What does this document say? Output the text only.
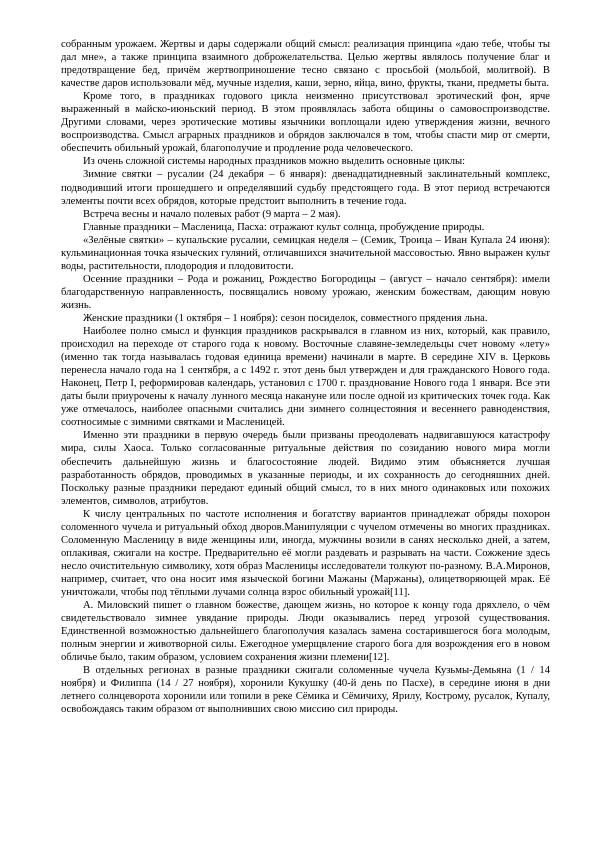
собранным урожаем. Жертвы и дары содержали общий смысл: реализация принципа «даю тебе, чтобы ты дал мне», а также принципа взаимного доброжелательства. Целью жертвы являлось получение благ и предотвращение бед, причём жертвоприношение тесно связано с просьбой (мольбой, молитвой). В качестве даров использовали мёд, мучные изделия, каши, зерно, яйца, вино, фрукты, ткани, предметы быта.

Кроме того, в праздниках годового цикла неизменно присутствовал эротический фон, ярче выраженный в майско-июньский период. В этом проявлялась забота общины о самовоспроизводстве. Другими словами, через эротические мотивы язычники воплощали идею утверждения жизни, вечного воспроизводства. Смысл аграрных праздников и обрядов заключался в том, чтобы спасти мир от смерти, обеспечить обильный урожай, благополучие и продление рода человеческого.

Из очень сложной системы народных праздников можно выделить основные циклы:

Зимние святки – русалии (24 декабря – 6 января): двенадцатидневный заклинательный комплекс, подводивший итоги прошедшего и определявший судьбу предстоящего года. В этот период встречаются элементы почти всех обрядов, которые предстоит выполнить в течение года.

Встреча весны и начало полевых работ (9 марта – 2 мая).

Главные праздники – Масленица, Пасха: отражают культ солнца, пробуждение природы.

«Зелёные святки» – купальские русалии, семицкая неделя – (Семик, Троица – Иван Купала 24 июня): кульминационная точка языческих гуляний, отличавшихся значительной массовостью. Явно выражен культ воды, растительности, плодородия и плодовитости.

Осенние праздники – Рода и рожаниц, Рождество Богородицы – (август – начало сентября): имели благодарственную направленность, посвящались новому урожаю, женским божествам, дающим новую жизнь.

Женские праздники (1 октября – 1 ноября): сезон посиделок, совместного прядения льна.

Наиболее полно смысл и функция праздников раскрывался в главном из них, который, как правило, происходил на переходе от старого года к новому. Восточные славяне-земледельцы счет новому «лету» (именно так тогда называлась годовая единица времени) начинали в марте. В середине XIV в. Церковь перенесла начало года на 1 сентября, а с 1492 г. этот день был утвержден и для гражданского Нового года. Наконец, Петр I, реформировав календарь, установил с 1700 г. празднование Нового года 1 января. Все эти даты были приурочены к началу лунного месяца накануне или после одной из критических точек года. Как уже отмечалось, наиболее опасными считались дни зимнего солнцестояния и весеннего равноденствия, соотносимые с зимними святками и Масленицей.

Именно эти праздники в первую очередь были призваны преодолевать надвигавшуюся катастрофу мира, силы Хаоса. Только согласованные ритуальные действия по созиданию нового мира могли обеспечить дальнейшую жизнь и благосостояние людей. Видимо этим объясняется лучшая разработанность обрядов, проводимых в указанные периоды, и их сохранность до сегодняшних дней. Поскольку разные праздники передают единый общий смысл, то в них много одинаковых или похожих элементов, символов, атрибутов.

К числу центральных по частоте исполнения и богатству вариантов принадлежат обряды похорон соломенного чучела и ритуальный обход дворов.Манипуляции с чучелом отмечены во многих праздниках. Соломенную Масленицу в виде женщины или, иногда, мужчины возили в санях несколько дней, а затем, оплакивая, сжигали на костре. Предварительно её могли раздевать и разрывать на части. Сожжение здесь несло очистительную символику, хотя образ Масленицы исследователи толкуют по-разному. В.А.Миронов, например, считает, что она носит имя языческой богини Мажаны (Маржаны), олицетворяющей мрак. Её уничтожали, чтобы под тёплыми лучами солнца взрос обильный урожай[11].

А. Миловский пишет о главном божестве, дающем жизнь, но которое к концу года дряхлело, о чём свидетельствовало зимнее увядание природы. Люди оказывались перед угрозой существования. Единственной возможностью дальнейшего благополучия казалась замена состарившегося бога молодым, полным энергии и животворной силы. Ежегодное умерщвление старого бога для возрождения его в новом обличье было, таким образом, условием сохранения жизни племени[12].

В отдельных регионах в разные праздники сжигали соломенные чучела Кузьмы-Демьяна (1 / 14 ноября) и Филиппа (14 / 27 ноября), хоронили Кукушку (40-й день по Пасхе), в середине июня в дни летнего солнцеворота хоронили или топили в реке Сёмика и Сёмичиху, Ярилу, Кострому, русалок, Купалу, освобождаясь таким образом от выполнивших свою миссию сил природы.
